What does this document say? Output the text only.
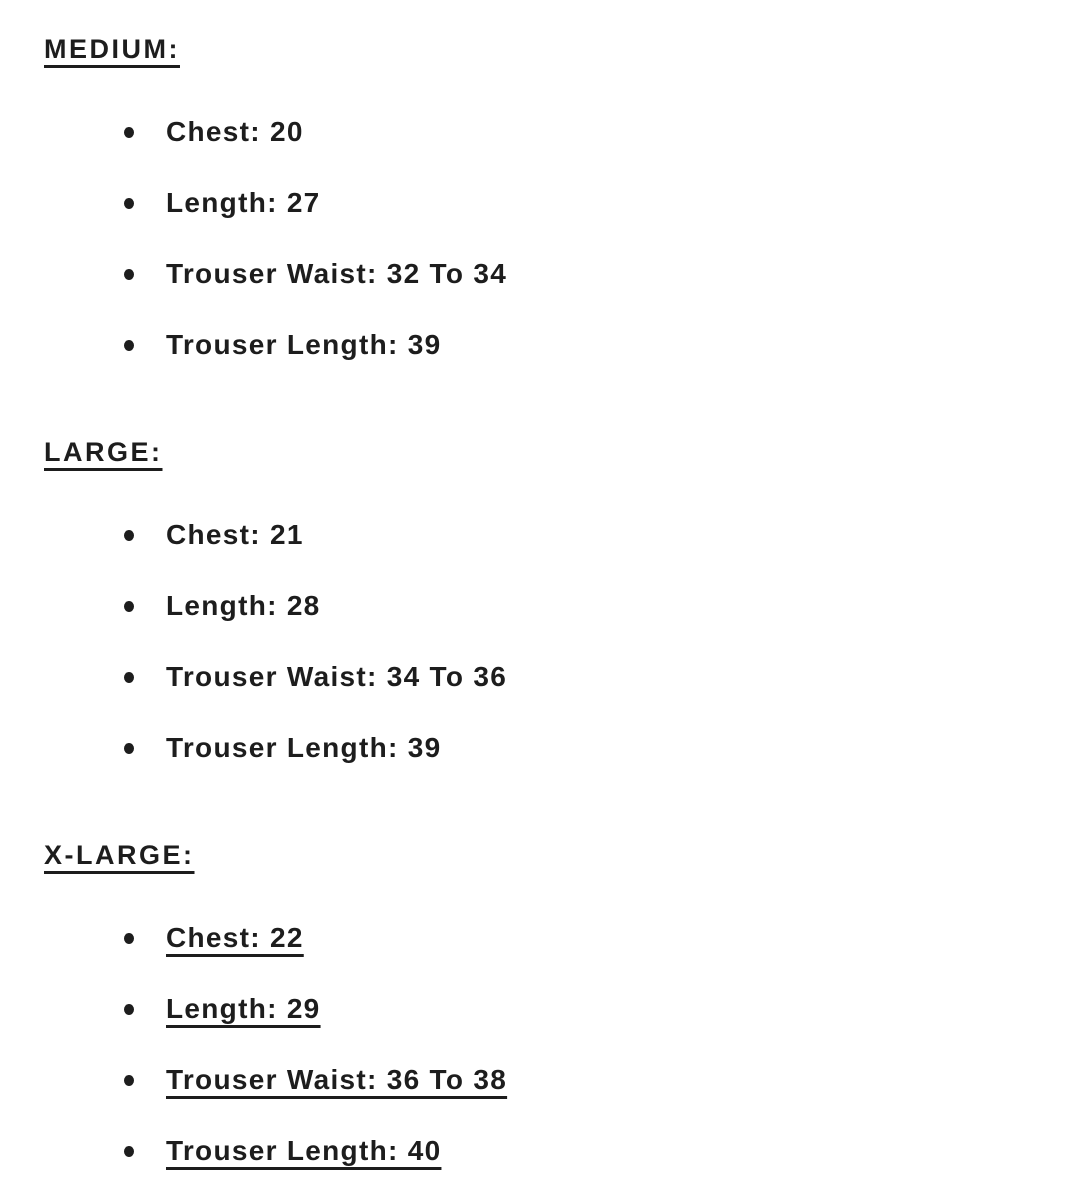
MEDIUM:
Chest: 20
Length: 27
Trouser Waist: 32 To 34
Trouser Length: 39
LARGE:
Chest: 21
Length: 28
Trouser Waist: 34 To 36
Trouser Length: 39
X-LARGE:
Chest: 22
Length: 29
Trouser Waist: 36 To 38
Trouser Length: 40
